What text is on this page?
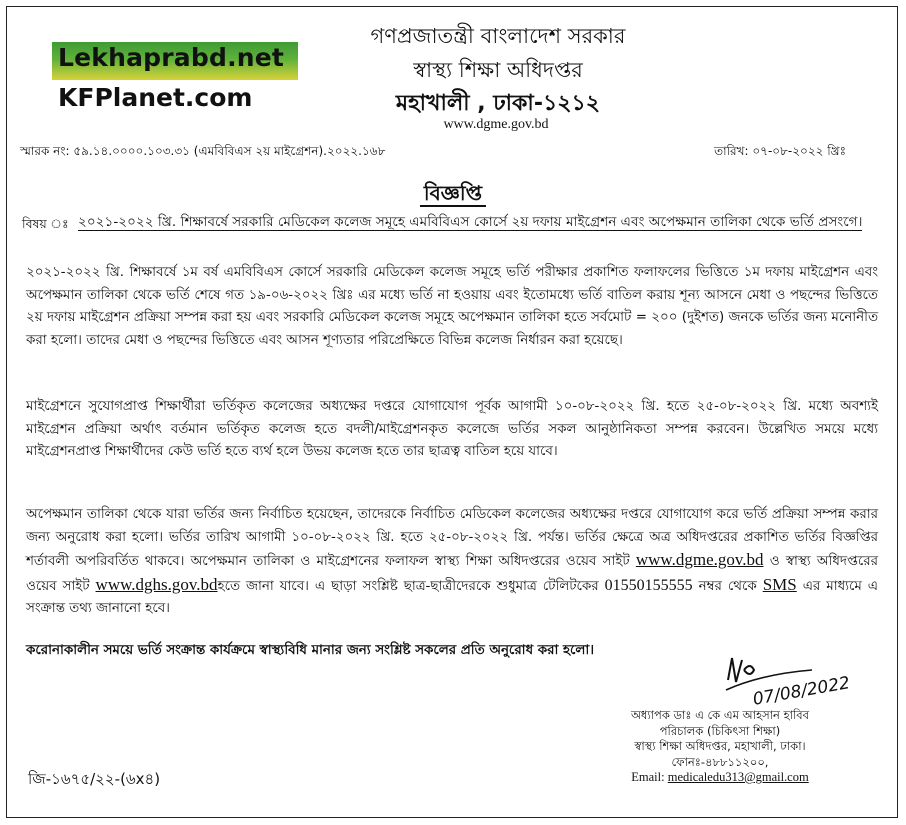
Lekhaprabd.net
KFPlanet.com
গণপ্রজাতন্ত্রী বাংলাদেশ সরকার
স্বাস্থ্য শিক্ষা অধিদপ্তর
মহাখালী , ঢাকা-১২১২
www.dgme.gov.bd
স্মারক নং: ৫৯.১৪.০০০০.১০৩.৩১ (এমবিবিএস ২য় মাইগ্রেশন).২০২২.১৬৮	তারিখ: ০৭-০৮-২০২২ খ্রিঃ
বিজ্ঞপ্তি
বিষয় ঃ ২০২১-২০২২ খ্রি. শিক্ষাবর্ষে সরকারি মেডিকেল কলেজ সমূহে এমবিবিএস কোর্সে ২য় দফায় মাইগ্রেশন এবং অপেক্ষমান তালিকা থেকে ভর্তি প্রসংগে।
২০২১-২০২২ খ্রি. শিক্ষাবর্ষে ১ম বর্ষ এমবিবিএস কোর্সে সরকারি মেডিকেল কলেজ সমূহে ভর্তি পরীক্ষার প্রকাশিত ফলাফলের ভিত্তিতে ১ম দফায় মাইগ্রেশন এবং অপেক্ষমান তালিকা থেকে ভর্তি শেষে গত ১৯-০৬-২০২২ খ্রিঃ এর মধ্যে ভর্তি না হওয়ায় এবং ইতোমধ্যে ভর্তি বাতিল করায় শূন্য আসনে মেধা ও পছন্দের ভিত্তিতে ২য় দফায় মাইগ্রেশন প্রক্রিয়া সম্পন্ন করা হয় এবং সরকারি মেডিকেল কলেজ সমূহে অপেক্ষমান তালিকা হতে সর্বমোট = ২০০ (দুইশত) জনকে ভর্তির জন্য মনোনীত করা হলো। তাদের মেধা ও পছন্দের ভিত্তিতে এবং আসন শূণ্যতার পরিপ্রেক্ষিতে বিভিন্ন কলেজ নির্ধারন করা হয়েছে।
মাইগ্রেশনে সুযোগপ্রাপ্ত শিক্ষার্থীরা ভর্তিকৃত কলেজের অধ্যক্ষের দপ্তরে যোগাযোগ পূর্বক আগামী ১০-০৮-২০২২ খ্রি. হতে ২৫-০৮-২০২২ খ্রি. মধ্যে অবশ্যই মাইগ্রেশন প্রক্রিয়া অর্থাৎ বর্তমান ভর্তিকৃত কলেজ হতে বদলী/মাইগ্রেশনকৃত কলেজে ভর্তির সকল আনুষ্ঠানিকতা সম্পন্ন করবেন। উল্লেখিত সময়ে মধ্যে মাইগ্রেশনপ্রাপ্ত শিক্ষার্থীদের কেউ ভর্তি হতে ব্যর্থ হলে উভয় কলেজ হতে তার ছাত্রত্ব বাতিল হয়ে যাবে।
অপেক্ষমান তালিকা থেকে যারা ভর্তির জন্য নির্বাচিত হয়েছেন, তাদেরকে নির্বাচিত মেডিকেল কলেজের অধ্যক্ষের দপ্তরে যোগাযোগ করে ভর্তি প্রক্রিয়া সম্পন্ন করার জন্য অনুরোধ করা হলো। ভর্তির তারিখ আগামী ১০-০৮-২০২২ খ্রি. হতে ২৫-০৮-২০২২ খ্রি. পর্যন্ত। ভর্তির ক্ষেত্রে অত্র অধিদপ্তরের প্রকাশিত ভর্তির বিজ্ঞপ্তির শর্তাবলী অপরিবর্তিত থাকবে। অপেক্ষমান তালিকা ও মাইগ্রেশনের ফলাফল স্বাস্থ্য শিক্ষা অধিদপ্তরের ওয়েব সাইট www.dgme.gov.bd ও স্বাস্থ্য অধিদপ্তরের ওয়েব সাইট www.dghs.gov.bdহতে জানা যাবে। এ ছাড়া সংশ্লিষ্ট ছাত্র-ছাত্রীদেরকে শুধুমাত্র টেলিটকের 01550155555 নম্বর থেকে SMS এর মাধ্যমে এ সংক্রান্ত তথ্য জানানো হবে।
করোনাকালীন সময়ে ভর্তি সংক্রান্ত কার্যক্রমে স্বাস্থ্যবিধি মানার জন্য সংশ্লিষ্ট সকলের প্রতি অনুরোধ করা হলো।
07/08/2022
অধ্যাপক ডাঃ এ কে এম আহসান হাবিব
পরিচালক (চিকিৎসা শিক্ষা)
স্বাস্থ্য শিক্ষা অধিদপ্তর, মহাখালী, ঢাকা।
ফোনঃ-৪৮৮১১২০০,
Email: medicaledu313@gmail.com
জি-১৬৭৫/২২-(৬x৪)
